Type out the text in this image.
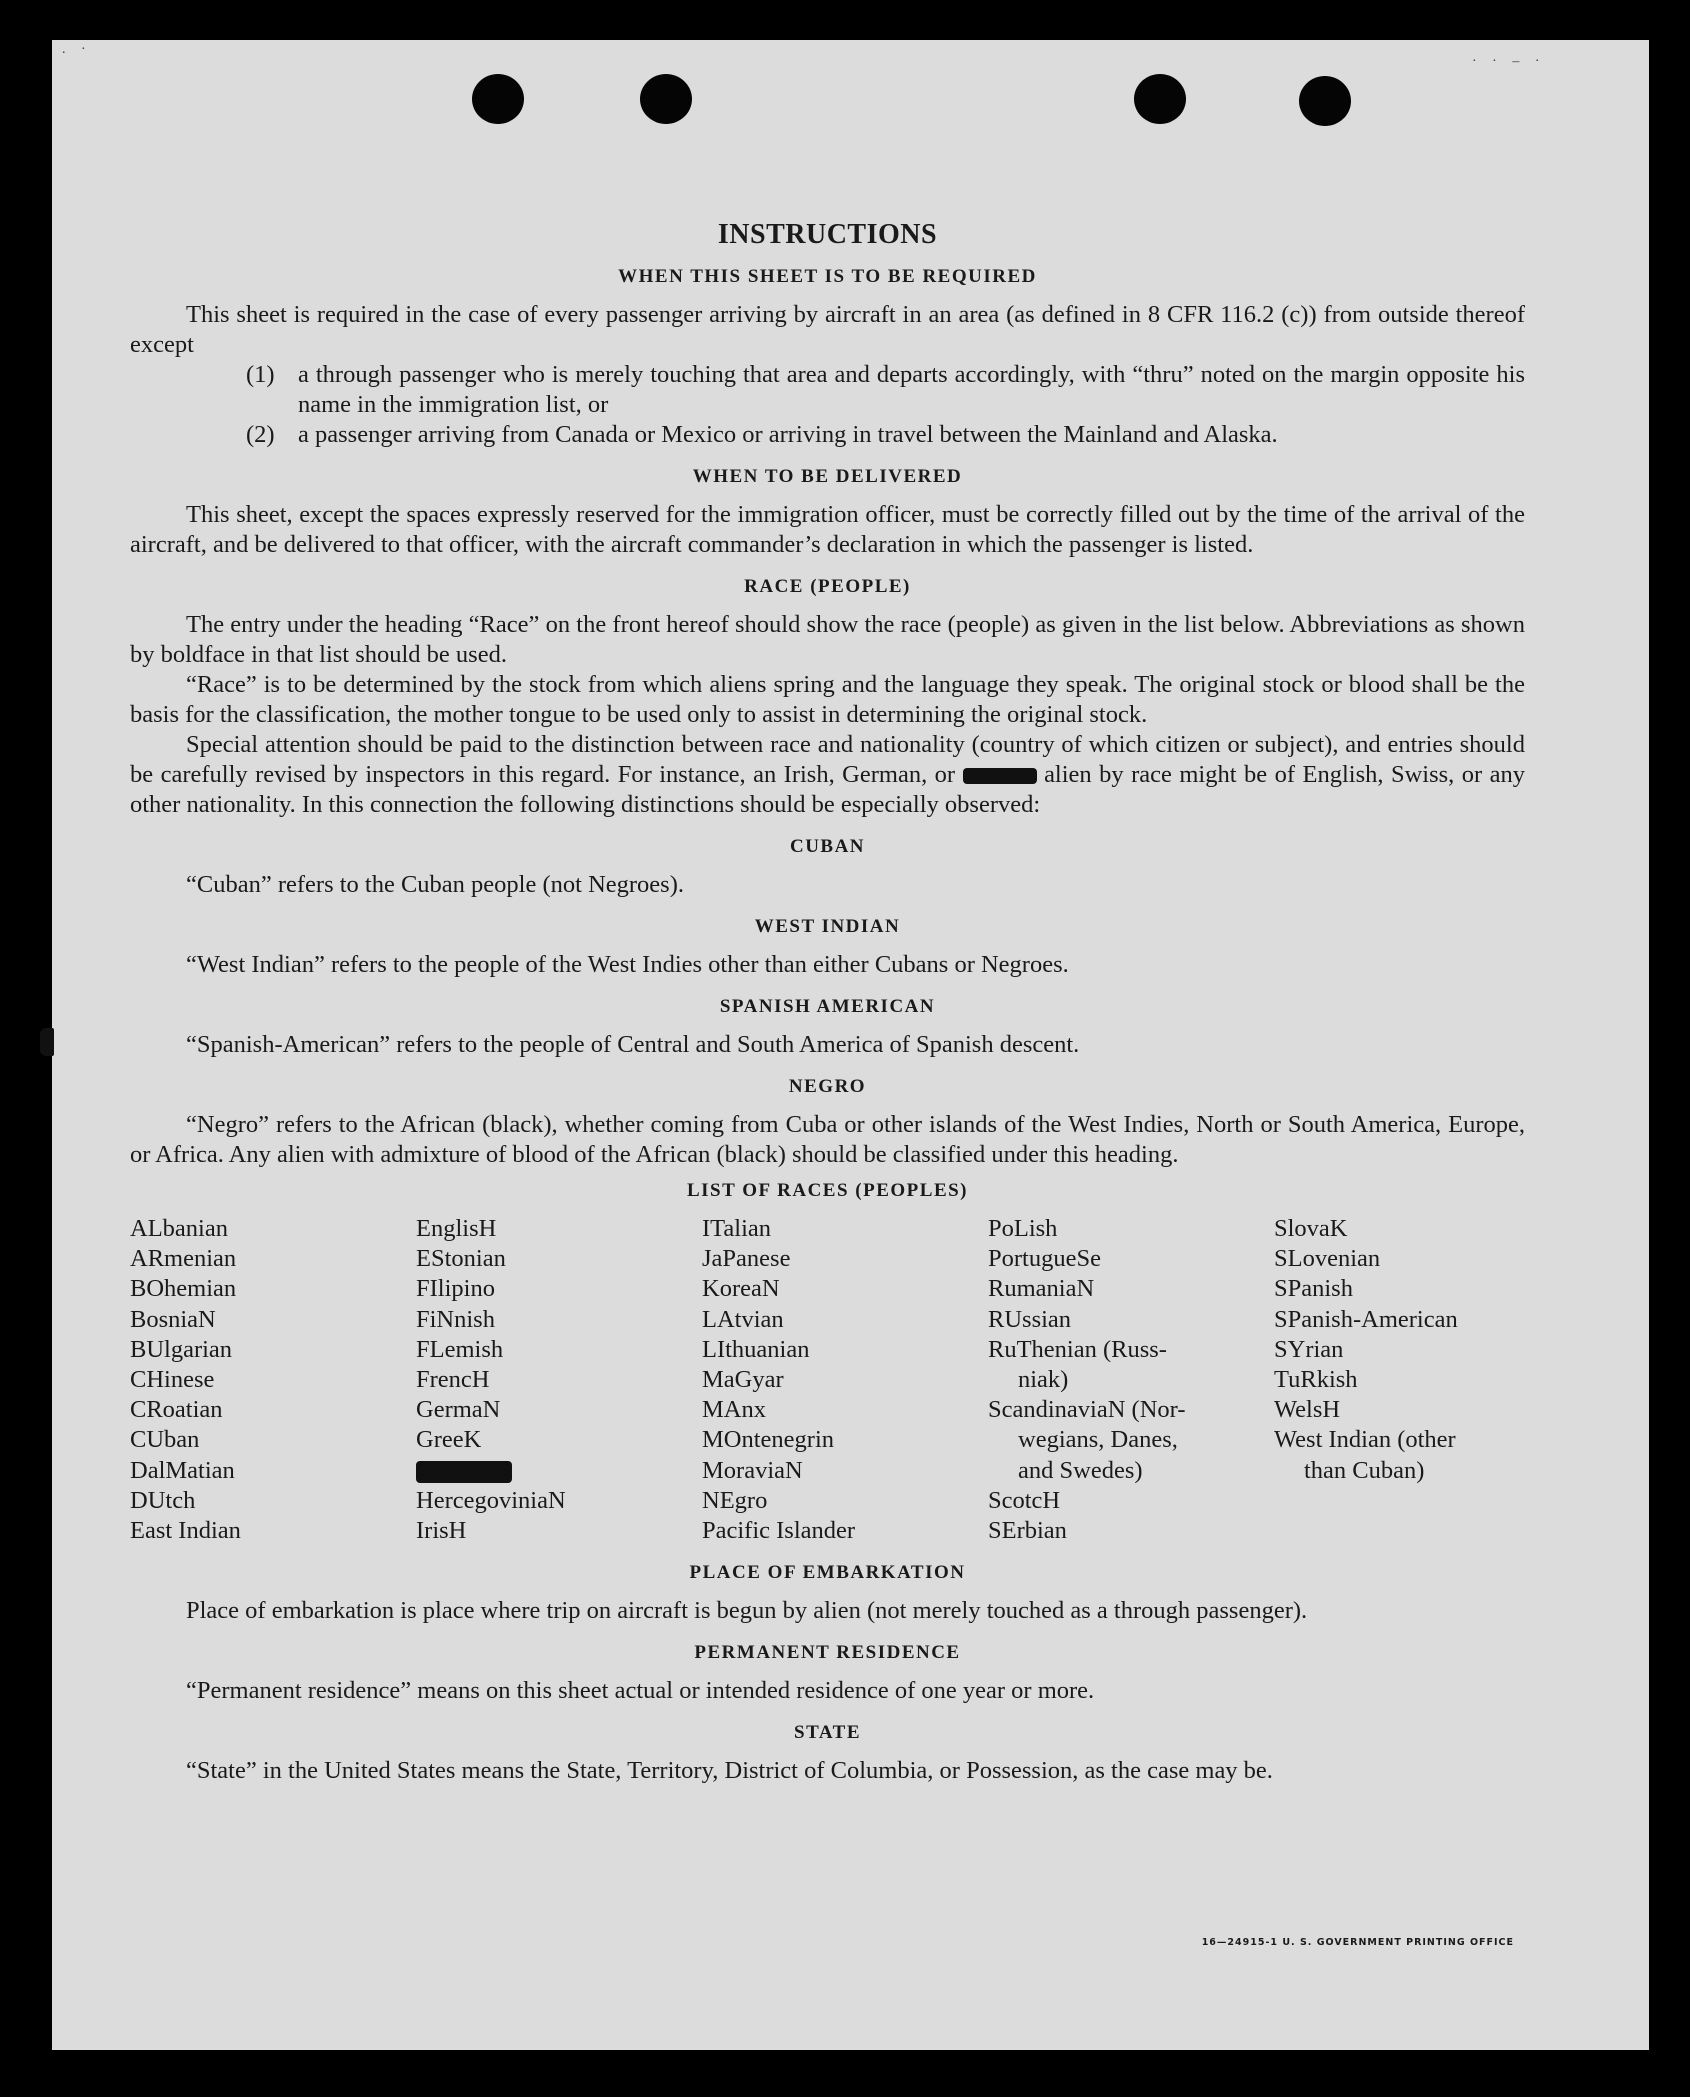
. ·
· · – ·
INSTRUCTIONS
WHEN THIS SHEET IS TO BE REQUIRED

This sheet is required in the case of every passenger arriving by aircraft in an area (as defined in 8 CFR 116.2 (c)) from outside thereof except

(1) a through passenger who is merely touching that area and departs accordingly, with “thru” noted on the margin opposite his name in the immigration list, or
(2) a passenger arriving from Canada or Mexico or arriving in travel between the Mainland and Alaska.
WHEN TO BE DELIVERED

This sheet, except the spaces expressly reserved for the immigration officer, must be correctly filled out by the time of the arrival of the aircraft, and be delivered to that officer, with the aircraft commander’s declaration in which the passenger is listed.

RACE (PEOPLE)

The entry under the heading “Race” on the front hereof should show the race (people) as given in the list below. Abbreviations as shown by boldface in that list should be used.

“Race” is to be determined by the stock from which aliens spring and the language they speak. The original stock or blood shall be the basis for the classification, the mother tongue to be used only to assist in determining the original stock.

Special attention should be paid to the distinction between race and nationality (country of which citizen or subject), and entries should be carefully revised by inspectors in this regard. For instance, an Irish, German, or	alien by race might be of English, Swiss, or any other nationality. In this connection the following distinctions should be especially observed:

CUBAN

“Cuban” refers to the Cuban people (not Negroes).

WEST INDIAN

“West Indian” refers to the people of the West Indies other than either Cubans or Negroes.

SPANISH AMERICAN

“Spanish-American” refers to the people of Central and South America of Spanish descent.

NEGRO

“Negro” refers to the African (black), whether coming from Cuba or other islands of the West Indies, North or South America, Europe, or Africa. Any alien with admixture of blood of the African (black) should be classified under this heading.

LIST OF RACES (PEOPLES)
ALbanian
ARmenian
BOhemian
BosniaN
BUlgarian
CHinese
CRoatian
CUban
DalMatian
DUtch
East Indian
EnglisH
EStonian
FIlipino
FiNnish
FLemish
FrencH
GermaN
GreeK
HercegoviniaN
IrisH
ITalian
JaPanese
KoreaN
LAtvian
LIthuanian
MaGyar
MAnx
MOntenegrin
MoraviaN
NEgro
Pacific Islander
PoLish
PortugueSe
RumaniaN
RUssian
RuThenian (Russ-
niak)
ScandinaviaN (Nor-
wegians, Danes,
and Swedes)
ScotcH
SErbian
SlovaK
SLovenian
SPanish
SPanish-American
SYrian
TuRkish
WelsH
West Indian (other
than Cuban)
PLACE OF EMBARKATION

Place of embarkation is place where trip on aircraft is begun by alien (not merely touched as a through passenger).

PERMANENT RESIDENCE

“Permanent residence” means on this sheet actual or intended residence of one year or more.

STATE

“State” in the United States means the State, Territory, District of Columbia, or Possession, as the case may be.

16—24915-1 U. S. GOVERNMENT PRINTING OFFICE
